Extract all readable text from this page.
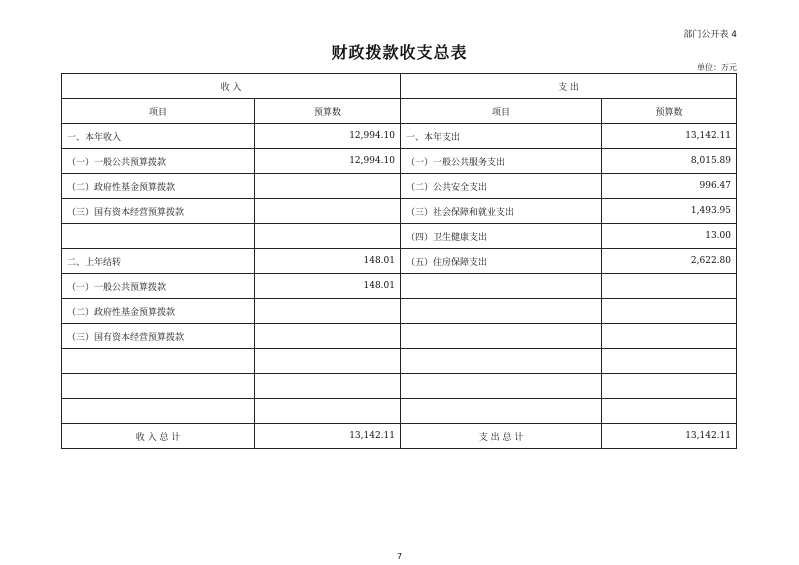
部门公开表 4
财政拨款收支总表
单位：万元
收 入		支 出	
项目	预算数	项目	预算数
一、本年收入	12,994.10	一、本年支出	13,142.11
（一）一般公共预算拨款	12,994.10	（一）一般公共服务支出	8,015.89
（二）政府性基金预算拨款		（二）公共安全支出	996.47
（三）国有资本经营预算拨款		（三）社会保障和就业支出	1,493.95
		（四）卫生健康支出	13.00
二、上年结转	148.01	（五）住房保障支出	2,622.80
（一）一般公共预算拨款	148.01		
（二）政府性基金预算拨款			
（三）国有资本经营预算拨款			

收 入 总 计	13,142.11	支 出 总 计	13,142.11
7
